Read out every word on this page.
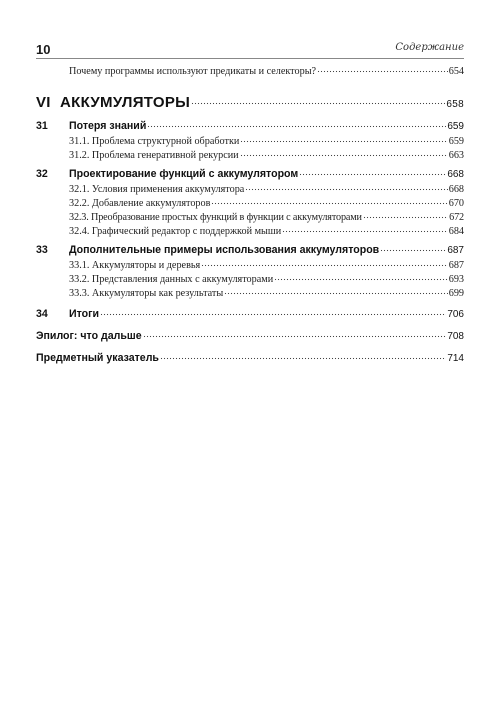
10	Содержание
Почему программы используют предикаты и селекторы?	654
VI АККУМУЛЯТОРЫ	658
31	Потеря знаний	659
31.1. Проблема структурной обработки	659
31.2. Проблема генеративной рекурсии	663
32	Проектирование функций с аккумулятором	668
32.1. Условия применения аккумулятора	668
32.2. Добавление аккумуляторов	670
32.3. Преобразование простых функций в функции с аккумуляторами	672
32.4. Графический редактор с поддержкой мыши	684
33	Дополнительные примеры использования аккумуляторов	687
33.1. Аккумуляторы и деревья	687
33.2. Представления данных с аккумуляторами	693
33.3. Аккумуляторы как результаты	699
34	Итоги	706
Эпилог: что дальше	708
Предметный указатель	714
